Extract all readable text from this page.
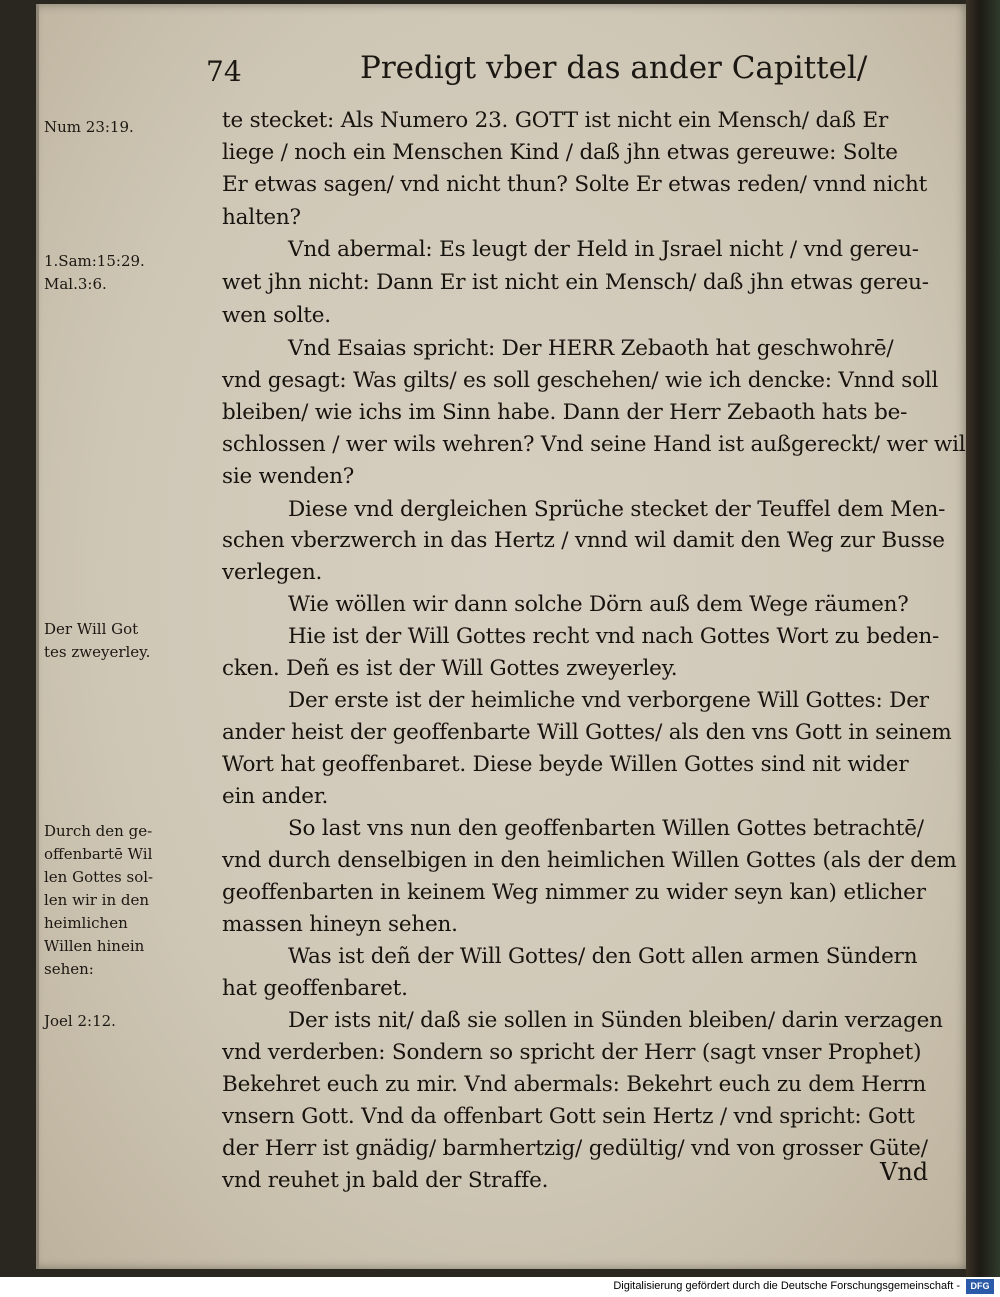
74	Predigt vber das ander Capittel/
Num 23:19.
1.Sam:15:29.
Mal.3:6.
Der Will Got
tes zweyerley.
Durch den ge-
offenbartē Wil
len Gottes sol-
len wir in den
heimlichen
Willen hinein
sehen:
Joel 2:12.
te stecket: Als Numero 23. GOTT ist nicht ein Mensch/ daß Er
liege / noch ein Menschen Kind / daß jhn etwas gereuwe: Solte
Er etwas sagen/ vnd nicht thun? Solte Er etwas reden/ vnnd nicht
halten?
Vnd abermal: Es leugt der Held in Jsrael nicht / vnd gereu-
wet jhn nicht: Dann Er ist nicht ein Mensch/ daß jhn etwas gereu-
wen solte.
Vnd Esaias spricht: Der HERR Zebaoth hat geschwohrē/
vnd gesagt: Was gilts/ es soll geschehen/ wie ich dencke: Vnnd soll
bleiben/ wie ichs im Sinn habe. Dann der Herr Zebaoth hats be-
schlossen / wer wils wehren? Vnd seine Hand ist außgereckt/ wer wil
sie wenden?
Diese vnd dergleichen Sprüche stecket der Teuffel dem Men-
schen vberzwerch in das Hertz / vnnd wil damit den Weg zur Busse
verlegen.
Wie wöllen wir dann solche Dörn auß dem Wege räumen?
Hie ist der Will Gottes recht vnd nach Gottes Wort zu beden-
cken. Deñ es ist der Will Gottes zweyerley.
Der erste ist der heimliche vnd verborgene Will Gottes: Der
ander heist der geoffenbarte Will Gottes/ als den vns Gott in seinem
Wort hat geoffenbaret. Diese beyde Willen Gottes sind nit wider
ein ander.
So last vns nun den geoffenbarten Willen Gottes betrachtē/
vnd durch denselbigen in den heimlichen Willen Gottes (als der dem
geoffenbarten in keinem Weg nimmer zu wider seyn kan) etlicher
massen hineyn sehen.
Was ist deñ der Will Gottes/ den Gott allen armen Sündern
hat geoffenbaret.
Der ists nit/ daß sie sollen in Sünden bleiben/ darin verzagen
vnd verderben: Sondern so spricht der Herr (sagt vnser Prophet)
Bekehret euch zu mir. Vnd abermals: Bekehrt euch zu dem Herrn
vnsern Gott. Vnd da offenbart Gott sein Hertz / vnd spricht: Gott
der Herr ist gnädig/ barmhertzig/ gedültig/ vnd von grosser Güte/
vnd reuhet jn bald der Straffe.	Vnd
Digitalisierung gefördert durch die Deutsche Forschungsgemeinschaft -	DFG
